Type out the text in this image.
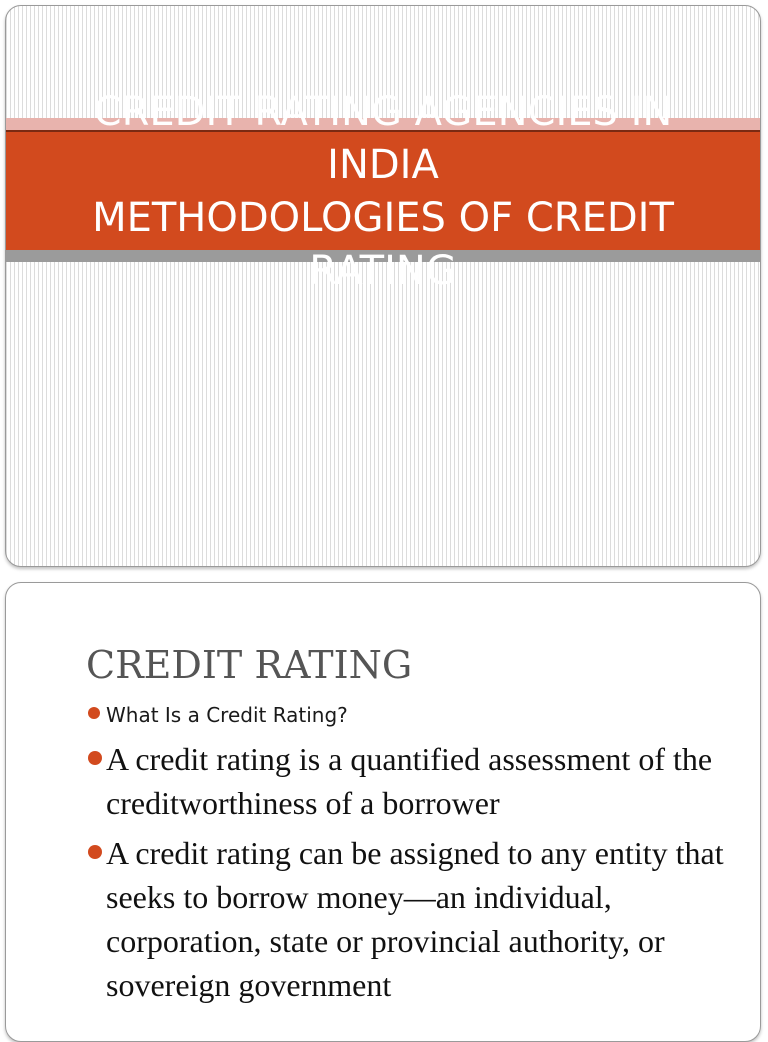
CREDIT RATING AGENCIES IN
INDIA
METHODOLOGIES OF CREDIT
RATING
CREDIT RATING
What Is a Credit Rating?
A credit rating is a quantified assessment of the creditworthiness of a borrower
A credit rating can be assigned to any entity that seeks to borrow money—an individual, corporation, state or provincial authority, or sovereign government
